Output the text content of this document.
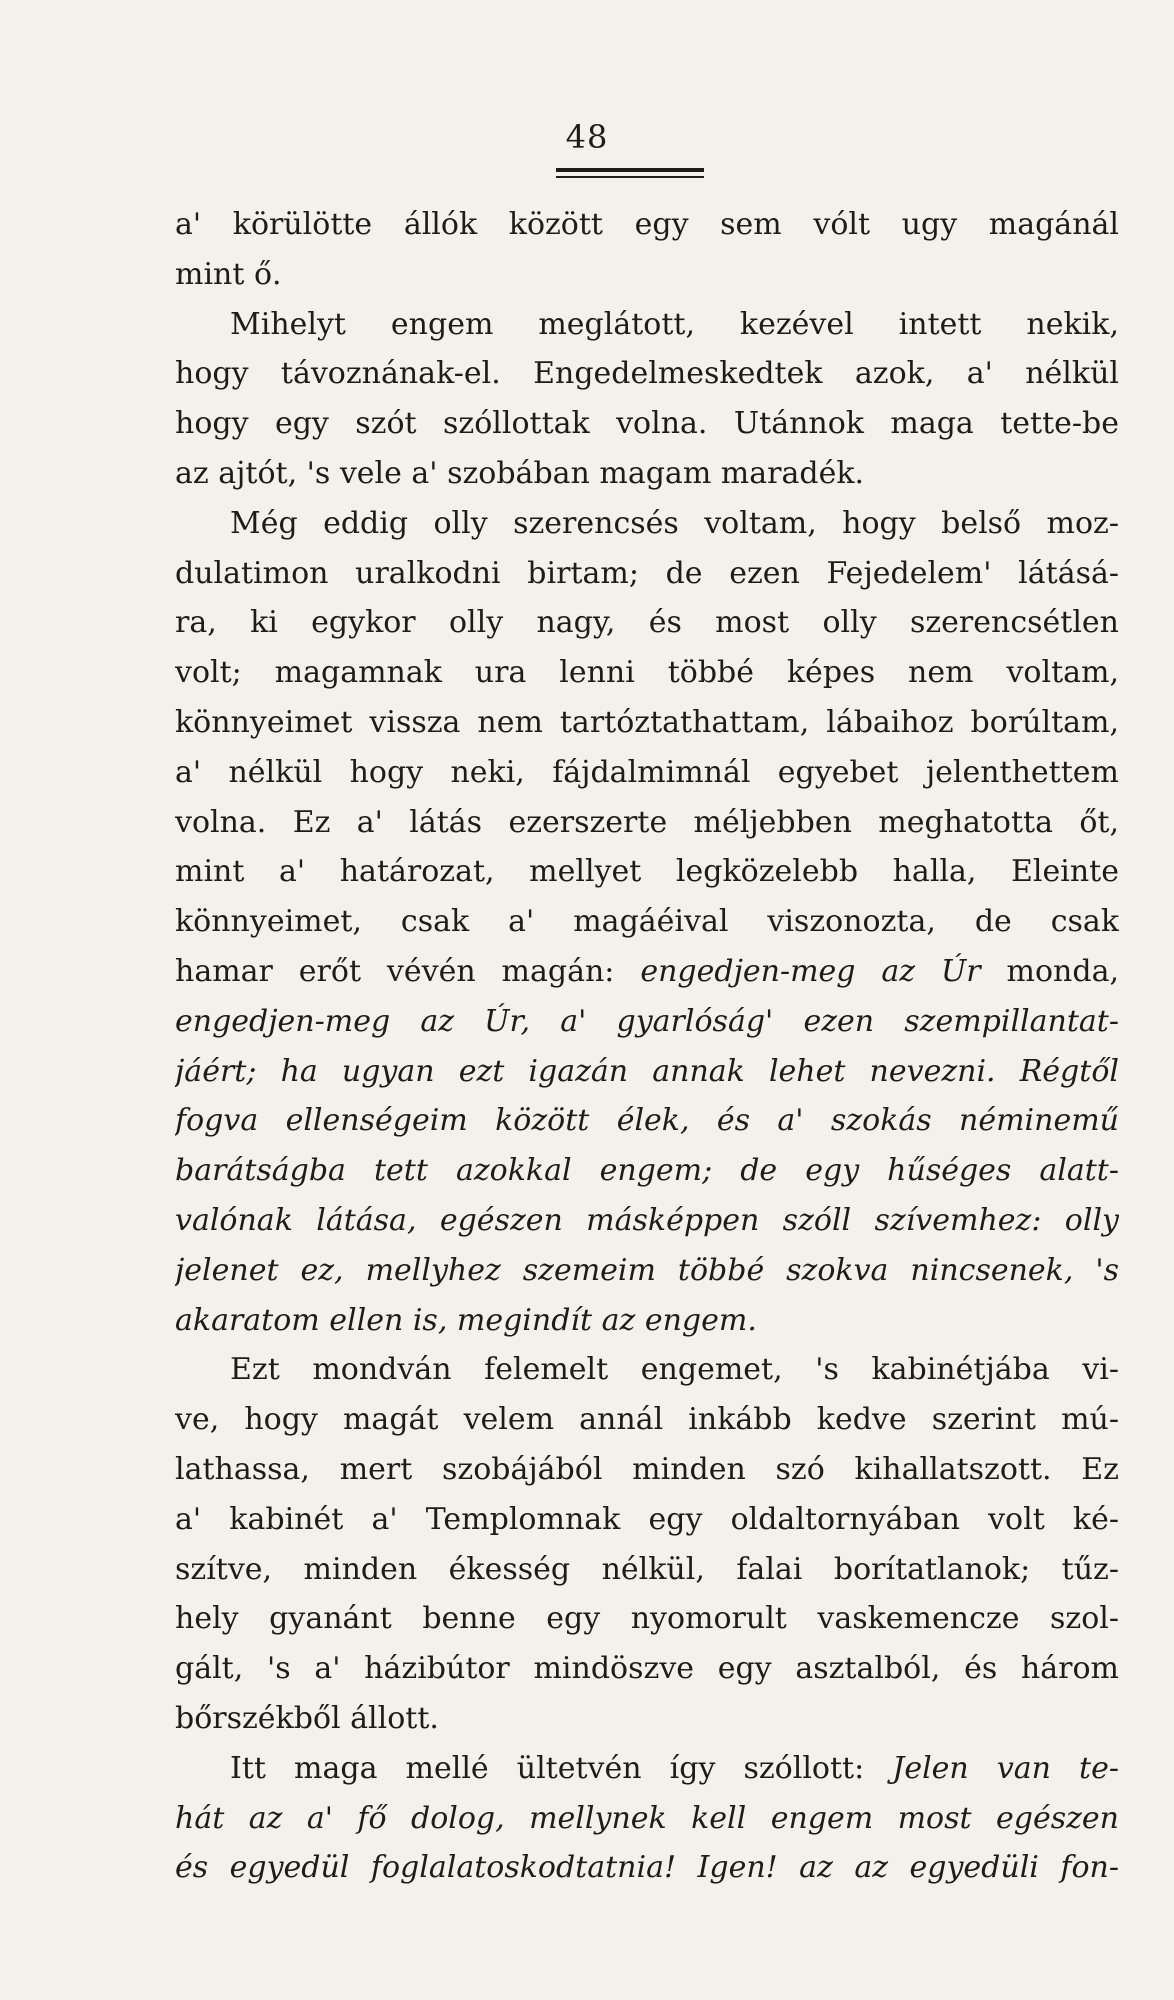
48
a' körülötte állók között egy sem vólt ugy magánál
mint ő.
Mihelyt engem meglátott, kezével intett nekik,
hogy távoznának-el. Engedelmeskedtek azok, a' nélkül
hogy egy szót szóllottak volna. Utánnok maga tette-be
az ajtót, 's vele a' szobában magam maradék.
Még eddig olly szerencsés voltam, hogy belső moz-
dulatimon uralkodni birtam; de ezen Fejedelem' látásá-
ra, ki egykor olly nagy, és most olly szerencsétlen
volt; magamnak ura lenni többé képes nem voltam,
könnyeimet vissza nem tartóztathattam, lábaihoz borúltam,
a' nélkül hogy neki, fájdalmimnál egyebet jelenthettem
volna. Ez a' látás ezerszerte méljebben meghatotta őt,
mint a' határozat, mellyet legközelebb halla, Eleinte
könnyeimet, csak a' magáéival viszonozta, de csak
hamar erőt vévén magán: engedjen-meg az Úr monda,
engedjen-meg az Úr, a' gyarlóság' ezen szempillantat-
jáért; ha ugyan ezt igazán annak lehet nevezni. Régtől
fogva ellenségeim között élek, és a' szokás néminemű
barátságba tett azokkal engem; de egy hűséges alatt-
valónak látása, egészen másképpen szóll szívemhez: olly
jelenet ez, mellyhez szemeim többé szokva nincsenek, 's
akaratom ellen is, megindít az engem.
Ezt mondván felemelt engemet, 's kabinétjába vi-
ve, hogy magát velem annál inkább kedve szerint mú-
lathassa, mert szobájából minden szó kihallatszott. Ez
a' kabinét a' Templomnak egy oldaltornyában volt ké-
szítve, minden ékesség nélkül, falai borítatlanok; tűz-
hely gyanánt benne egy nyomorult vaskemencze szol-
gált, 's a' házibútor mindöszve egy asztalból, és három
bőrszékből állott.
Itt maga mellé ültetvén így szóllott: Jelen van te-
hát az a' fő dolog, mellynek kell engem most egészen
és egyedül foglalatoskodtatnia! Igen! az az egyedüli fon-
